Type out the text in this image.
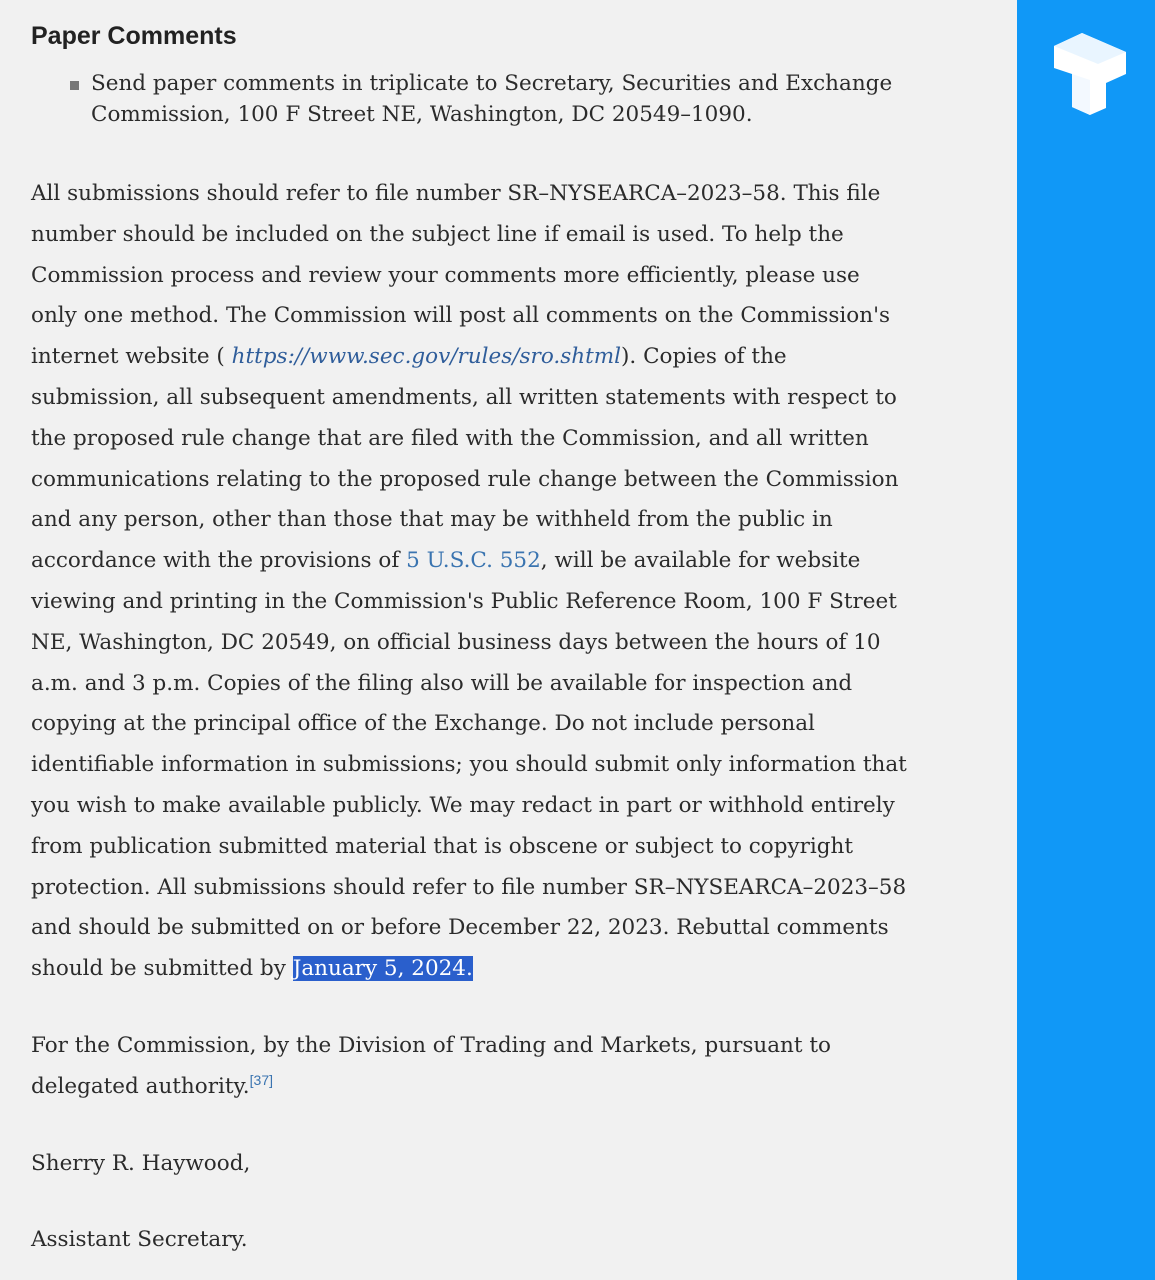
Paper Comments
Send paper comments in triplicate to Secretary, Securities and Exchange
Commission, 100 F Street NE, Washington, DC 20549–1090.

All submissions should refer to file number SR–NYSEARCA–2023–58. This file number should be included on the subject line if email is used. To help the Commission process and review your comments more efficiently, please use only one method. The Commission will post all comments on the Commission's internet website ( https://www.sec.gov/rules/sro.shtml). Copies of the submission, all subsequent amendments, all written statements with respect to the proposed rule change that are filed with the Commission, and all written communications relating to the proposed rule change between the Commission and any person, other than those that may be withheld from the public in accordance with the provisions of 5 U.S.C. 552, will be available for website viewing and printing in the Commission's Public Reference Room, 100 F Street NE, Washington, DC 20549, on official business days between the hours of 10 a.m. and 3 p.m. Copies of the filing also will be available for inspection and copying at the principal office of the Exchange. Do not include personal identifiable information in submissions; you should submit only information that you wish to make available publicly. We may redact in part or withhold entirely from publication submitted material that is obscene or subject to copyright protection. All submissions should refer to file number SR–NYSEARCA–2023–58 and should be submitted on or before December 22, 2023. Rebuttal comments should be submitted by January 5, 2024.

For the Commission, by the Division of Trading and Markets, pursuant to delegated authority.[37]

Sherry R. Haywood,

Assistant Secretary.
